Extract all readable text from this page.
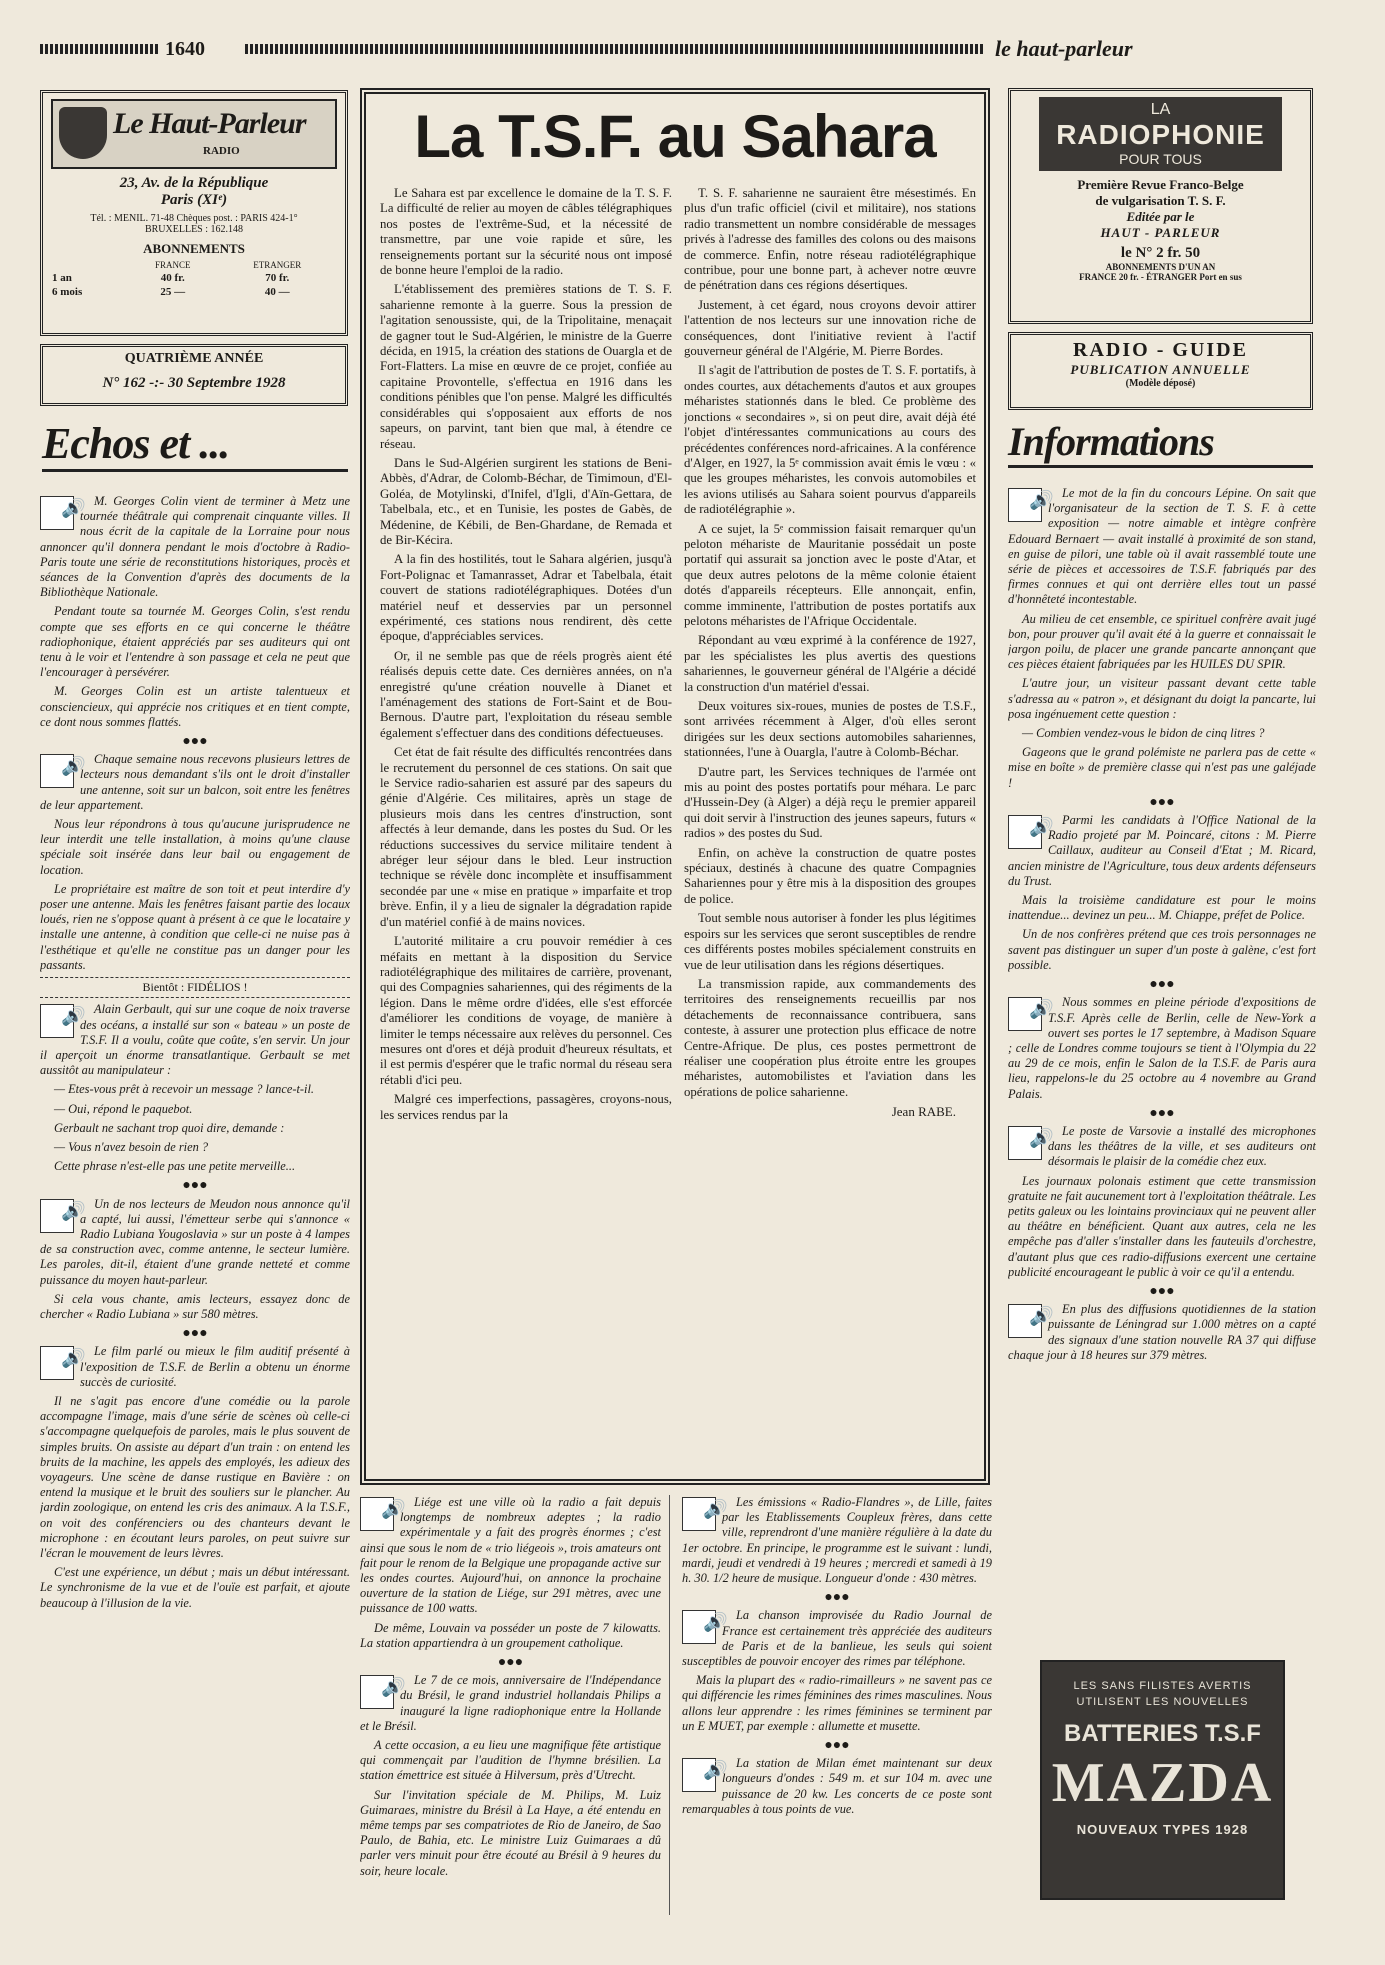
1640	le haut-parleur
Le Haut-Parleur
RADIO
23, Av. de la République
Paris (XIᵉ)
Tél. : MENIL. 71-48 Chèques post. : PARIS 424-1°
BRUXELLES : 162.148
ABONNEMENTS
	FRANCE	ETRANGER
1 an	40 fr.	70 fr.
6 mois	25 —	40 —
QUATRIÈME ANNÉE
N° 162 -:- 30 Septembre 1928
Echos et ...

🔊
M. Georges Colin vient de terminer à Metz une tournée théâtrale qui comprenait cinquante villes. Il nous écrit de la capitale de la Lorraine pour nous annoncer qu'il donnera pendant le mois d'octobre à Radio-Paris toute une série de reconstitutions historiques, procès et séances de la Convention d'après des documents de la Bibliothèque Nationale.

Pendant toute sa tournée M. Georges Colin, s'est rendu compte que ses efforts en ce qui concerne le théâtre radiophonique, étaient appréciés par ses auditeurs qui ont tenu à le voir et l'entendre à son passage et cela ne peut que l'encourager à persévérer.

M. Georges Colin est un artiste talentueux et consciencieux, qui apprécie nos critiques et en tient compte, ce dont nous sommes flattés.

●●●

🔊
Chaque semaine nous recevons plusieurs lettres de lecteurs nous demandant s'ils ont le droit d'installer une antenne, soit sur un balcon, soit entre les fenêtres de leur appartement.

Nous leur répondrons à tous qu'aucune jurisprudence ne leur interdit une telle installation, à moins qu'une clause spéciale soit insérée dans leur bail ou engagement de location.

Le propriétaire est maître de son toit et peut interdire d'y poser une antenne. Mais les fenêtres faisant partie des locaux loués, rien ne s'oppose quant à présent à ce que le locataire y installe une antenne, à condition que celle-ci ne nuise pas à l'esthétique et qu'elle ne constitue pas un danger pour les passants.

Bientôt : FIDÉLIOS !

🔊
Alain Gerbault, qui sur une coque de noix traverse des océans, a installé sur son « bateau » un poste de T.S.F. Il a voulu, coûte que coûte, s'en servir. Un jour il aperçoit un énorme transatlantique. Gerbault se met aussitôt au manipulateur :

— Etes-vous prêt à recevoir un message ? lance-t-il.

— Oui, répond le paquebot.

Gerbault ne sachant trop quoi dire, demande :

— Vous n'avez besoin de rien ?

Cette phrase n'est-elle pas une petite merveille...

●●●

🔊
Un de nos lecteurs de Meudon nous annonce qu'il a capté, lui aussi, l'émetteur serbe qui s'annonce « Radio Lubiana Yougoslavia » sur un poste à 4 lampes de sa construction avec, comme antenne, le secteur lumière. Les paroles, dit-il, étaient d'une grande netteté et comme puissance du moyen haut-parleur.

Si cela vous chante, amis lecteurs, essayez donc de chercher « Radio Lubiana » sur 580 mètres.

●●●

🔊
Le film parlé ou mieux le film auditif présenté à l'exposition de T.S.F. de Berlin a obtenu un énorme succès de curiosité.

Il ne s'agit pas encore d'une comédie ou la parole accompagne l'image, mais d'une série de scènes où celle-ci s'accompagne quelquefois de paroles, mais le plus souvent de simples bruits. On assiste au départ d'un train : on entend les bruits de la machine, les appels des employés, les adieux des voyageurs. Une scène de danse rustique en Bavière : on entend la musique et le bruit des souliers sur le plancher. Au jardin zoologique, on entend les cris des animaux. A la T.S.F., on voit des conférenciers ou des chanteurs devant le microphone : en écoutant leurs paroles, on peut suivre sur l'écran le mouvement de leurs lèvres.

C'est une expérience, un début ; mais un début intéressant. Le synchronisme de la vue et de l'ouïe est parfait, et ajoute beaucoup à l'illusion de la vie.

La T.S.F. au Sahara

Le Sahara est par excellence le domaine de la T. S. F. La difficulté de relier au moyen de câbles télégraphiques nos postes de l'extrême-Sud, et la nécessité de transmettre, par une voie rapide et sûre, les renseignements portant sur la sécurité nous ont imposé de bonne heure l'emploi de la radio.

L'établissement des premières stations de T. S. F. saharienne remonte à la guerre. Sous la pression de l'agitation senoussiste, qui, de la Tripolitaine, menaçait de gagner tout le Sud-Algérien, le ministre de la Guerre décida, en 1915, la création des stations de Ouargla et de Fort-Flatters. La mise en œuvre de ce projet, confiée au capitaine Provontelle, s'effectua en 1916 dans les conditions pénibles que l'on pense. Malgré les difficultés considérables qui s'opposaient aux efforts de nos sapeurs, on parvint, tant bien que mal, à étendre ce réseau.

Dans le Sud-Algérien surgirent les stations de Beni-Abbès, d'Adrar, de Colomb-Béchar, de Timimoun, d'El-Goléa, de Motylinski, d'Inifel, d'Igli, d'Aïn-Gettara, de Tabelbala, etc., et en Tunisie, les postes de Gabès, de Médenine, de Kébili, de Ben-Ghardane, de Remada et de Bir-Kécira.

A la fin des hostilités, tout le Sahara algérien, jusqu'à Fort-Polignac et Tamanrasset, Adrar et Tabelbala, était couvert de stations radiotélégraphiques. Dotées d'un matériel neuf et desservies par un personnel expérimenté, ces stations nous rendirent, dès cette époque, d'appréciables services.

Or, il ne semble pas que de réels progrès aient été réalisés depuis cette date. Ces dernières années, on n'a enregistré qu'une création nouvelle à Dianet et l'aménagement des stations de Fort-Saint et de Bou-Bernous. D'autre part, l'exploitation du réseau semble également s'effectuer dans des conditions défectueuses.

Cet état de fait résulte des difficultés rencontrées dans le recrutement du personnel de ces stations. On sait que le Service radio-saharien est assuré par des sapeurs du génie d'Algérie. Ces militaires, après un stage de plusieurs mois dans les centres d'instruction, sont affectés à leur demande, dans les postes du Sud. Or les réductions successives du service militaire tendent à abréger leur séjour dans le bled. Leur instruction technique se révèle donc incomplète et insuffisamment secondée par une « mise en pratique » imparfaite et trop brève. Enfin, il y a lieu de signaler la dégradation rapide d'un matériel confié à de mains novices.

L'autorité militaire a cru pouvoir remédier à ces méfaits en mettant à la disposition du Service radiotélégraphique des militaires de carrière, provenant, qui des Compagnies sahariennes, qui des régiments de la légion. Dans le même ordre d'idées, elle s'est efforcée d'améliorer les conditions de voyage, de manière à limiter le temps nécessaire aux relèves du personnel. Ces mesures ont d'ores et déjà produit d'heureux résultats, et il est permis d'espérer que le trafic normal du réseau sera rétabli d'ici peu.

Malgré ces imperfections, passagères, croyons-nous, les services rendus par la

T. S. F. saharienne ne sauraient être mésestimés. En plus d'un trafic officiel (civil et militaire), nos stations radio transmettent un nombre considérable de messages privés à l'adresse des familles des colons ou des maisons de commerce. Enfin, notre réseau radiotélégraphique contribue, pour une bonne part, à achever notre œuvre de pénétration dans ces régions désertiques.

Justement, à cet égard, nous croyons devoir attirer l'attention de nos lecteurs sur une innovation riche de conséquences, dont l'initiative revient à l'actif gouverneur général de l'Algérie, M. Pierre Bordes.

Il s'agit de l'attribution de postes de T. S. F. portatifs, à ondes courtes, aux détachements d'autos et aux groupes méharistes stationnés dans le bled. Ce problème des jonctions « secondaires », si on peut dire, avait déjà été l'objet d'intéressantes communications au cours des précédentes conférences nord-africaines. A la conférence d'Alger, en 1927, la 5ᵉ commission avait émis le vœu : « que les groupes méharistes, les convois automobiles et les avions utilisés au Sahara soient pourvus d'appareils de radiotélégraphie ».

A ce sujet, la 5ᵉ commission faisait remarquer qu'un peloton méhariste de Mauritanie possédait un poste portatif qui assurait sa jonction avec le poste d'Atar, et que deux autres pelotons de la même colonie étaient dotés d'appareils récepteurs. Elle annonçait, enfin, comme imminente, l'attribution de postes portatifs aux pelotons méharistes de l'Afrique Occidentale.

Répondant au vœu exprimé à la conférence de 1927, par les spécialistes les plus avertis des questions sahariennes, le gouverneur général de l'Algérie a décidé la construction d'un matériel d'essai.

Deux voitures six-roues, munies de postes de T.S.F., sont arrivées récemment à Alger, d'où elles seront dirigées sur les deux sections automobiles sahariennes, stationnées, l'une à Ouargla, l'autre à Colomb-Béchar.

D'autre part, les Services techniques de l'armée ont mis au point des postes portatifs pour méhara. Le parc d'Hussein-Dey (à Alger) a déjà reçu le premier appareil qui doit servir à l'instruction des jeunes sapeurs, futurs « radios » des postes du Sud.

Enfin, on achève la construction de quatre postes spéciaux, destinés à chacune des quatre Compagnies Sahariennes pour y être mis à la disposition des groupes de police.

Tout semble nous autoriser à fonder les plus légitimes espoirs sur les services que seront susceptibles de rendre ces différents postes mobiles spécialement construits en vue de leur utilisation dans les régions désertiques.

La transmission rapide, aux commandements des territoires des renseignements recueillis par nos détachements de reconnaissance contribuera, sans conteste, à assurer une protection plus efficace de notre Centre-Afrique. De plus, ces postes permettront de réaliser une coopération plus étroite entre les groupes méharistes, automobilistes et l'aviation dans les opérations de police saharienne.

Jean RABE.

🔊
Liége est une ville où la radio a fait depuis longtemps de nombreux adeptes ; la radio expérimentale y a fait des progrès énormes ; c'est ainsi que sous le nom de « trio liégeois », trois amateurs ont fait pour le renom de la Belgique une propagande active sur les ondes courtes. Aujourd'hui, on annonce la prochaine ouverture de la station de Liége, sur 291 mètres, avec une puissance de 100 watts.

De même, Louvain va posséder un poste de 7 kilowatts. La station appartiendra à un groupement catholique.

●●●

🔊
Le 7 de ce mois, anniversaire de l'Indépendance du Brésil, le grand industriel hollandais Philips a inauguré la ligne radiophonique entre la Hollande et le Brésil.

A cette occasion, a eu lieu une magnifique fête artistique qui commençait par l'audition de l'hymne brésilien. La station émettrice est située à Hilversum, près d'Utrecht.

Sur l'invitation spéciale de M. Philips, M. Luiz Guimaraes, ministre du Brésil à La Haye, a été entendu en même temps par ses compatriotes de Rio de Janeiro, de Sao Paulo, de Bahia, etc. Le ministre Luiz Guimaraes a dû parler vers minuit pour être écouté au Brésil à 9 heures du soir, heure locale.

🔊
Les émissions « Radio-Flandres », de Lille, faites par les Etablissements Coupleux frères, dans cette ville, reprendront d'une manière régulière à la date du 1er octobre. En principe, le programme est le suivant : lundi, mardi, jeudi et vendredi à 19 heures ; mercredi et samedi à 19 h. 30. 1/2 heure de musique. Longueur d'onde : 430 mètres.

●●●

🔊
La chanson improvisée du Radio Journal de France est certainement très appréciée des auditeurs de Paris et de la banlieue, les seuls qui soient susceptibles de pouvoir encoyer des rimes par téléphone.

Mais la plupart des « radio-rimailleurs » ne savent pas ce qui différencie les rimes féminines des rimes masculines. Nous allons leur apprendre : les rimes féminines se terminent par un E MUET, par exemple : allumette et musette.

●●●

🔊
La station de Milan émet maintenant sur deux longueurs d'ondes : 549 m. et sur 104 m. avec une puissance de 20 kw. Les concerts de ce poste sont remarquables à tous points de vue.

LA
RADIOPHONIE
POUR TOUS
Première Revue Franco-Belge
de vulgarisation T. S. F.
Editée par le
HAUT - PARLEUR
le N° 2 fr. 50
ABONNEMENTS D'UN AN
FRANCE 20 fr. - ÉTRANGER Port en sus
RADIO - GUIDE
PUBLICATION ANNUELLE
(Modèle déposé)
Informations

🔊
Le mot de la fin du concours Lépine. On sait que l'organisateur de la section de T. S. F. à cette exposition — notre aimable et intègre confrère Edouard Bernaert — avait installé à proximité de son stand, en guise de pilori, une table où il avait rassemblé toute une série de pièces et accessoires de T.S.F. fabriqués par des firmes connues et qui ont derrière elles tout un passé d'honnêteté incontestable.

Au milieu de cet ensemble, ce spirituel confrère avait jugé bon, pour prouver qu'il avait été à la guerre et connaissait le jargon poilu, de placer une grande pancarte annonçant que ces pièces étaient fabriquées par les HUILES DU SPIR.

L'autre jour, un visiteur passant devant cette table s'adressa au « patron », et désignant du doigt la pancarte, lui posa ingénuement cette question :

— Combien vendez-vous le bidon de cinq litres ?

Gageons que le grand polémiste ne parlera pas de cette « mise en boîte » de première classe qui n'est pas une galéjade !

●●●

🔊
Parmi les candidats à l'Office National de la Radio projeté par M. Poincaré, citons : M. Pierre Caillaux, auditeur au Conseil d'Etat ; M. Ricard, ancien ministre de l'Agriculture, tous deux ardents défenseurs du Trust.

Mais la troisième candidature est pour le moins inattendue... devinez un peu... M. Chiappe, préfet de Police.

Un de nos confrères prétend que ces trois personnages ne savent pas distinguer un super d'un poste à galène, c'est fort possible.

●●●

🔊
Nous sommes en pleine période d'expositions de T.S.F. Après celle de Berlin, celle de New-York a ouvert ses portes le 17 septembre, à Madison Square ; celle de Londres comme toujours se tient à l'Olympia du 22 au 29 de ce mois, enfin le Salon de la T.S.F. de Paris aura lieu, rappelons-le du 25 octobre au 4 novembre au Grand Palais.

●●●

🔊
Le poste de Varsovie a installé des microphones dans les théâtres de la ville, et ses auditeurs ont désormais le plaisir de la comédie chez eux.

Les journaux polonais estiment que cette transmission gratuite ne fait aucunement tort à l'exploitation théâtrale. Les petits galeux ou les lointains provinciaux qui ne peuvent aller au théâtre en bénéficient. Quant aux autres, cela ne les empêche pas d'aller s'installer dans les fauteuils d'orchestre, d'autant plus que ces radio-diffusions exercent une certaine publicité encourageant le public à voir ce qu'il a entendu.

●●●

🔊
En plus des diffusions quotidiennes de la station puissante de Léningrad sur 1.000 mètres on a capté des signaux d'une station nouvelle RA 37 qui diffuse chaque jour à 18 heures sur 379 mètres.

LES SANS FILISTES AVERTIS
UTILISENT LES NOUVELLES
BATTERIES T.S.F
MAZDA
NOUVEAUX TYPES 1928
